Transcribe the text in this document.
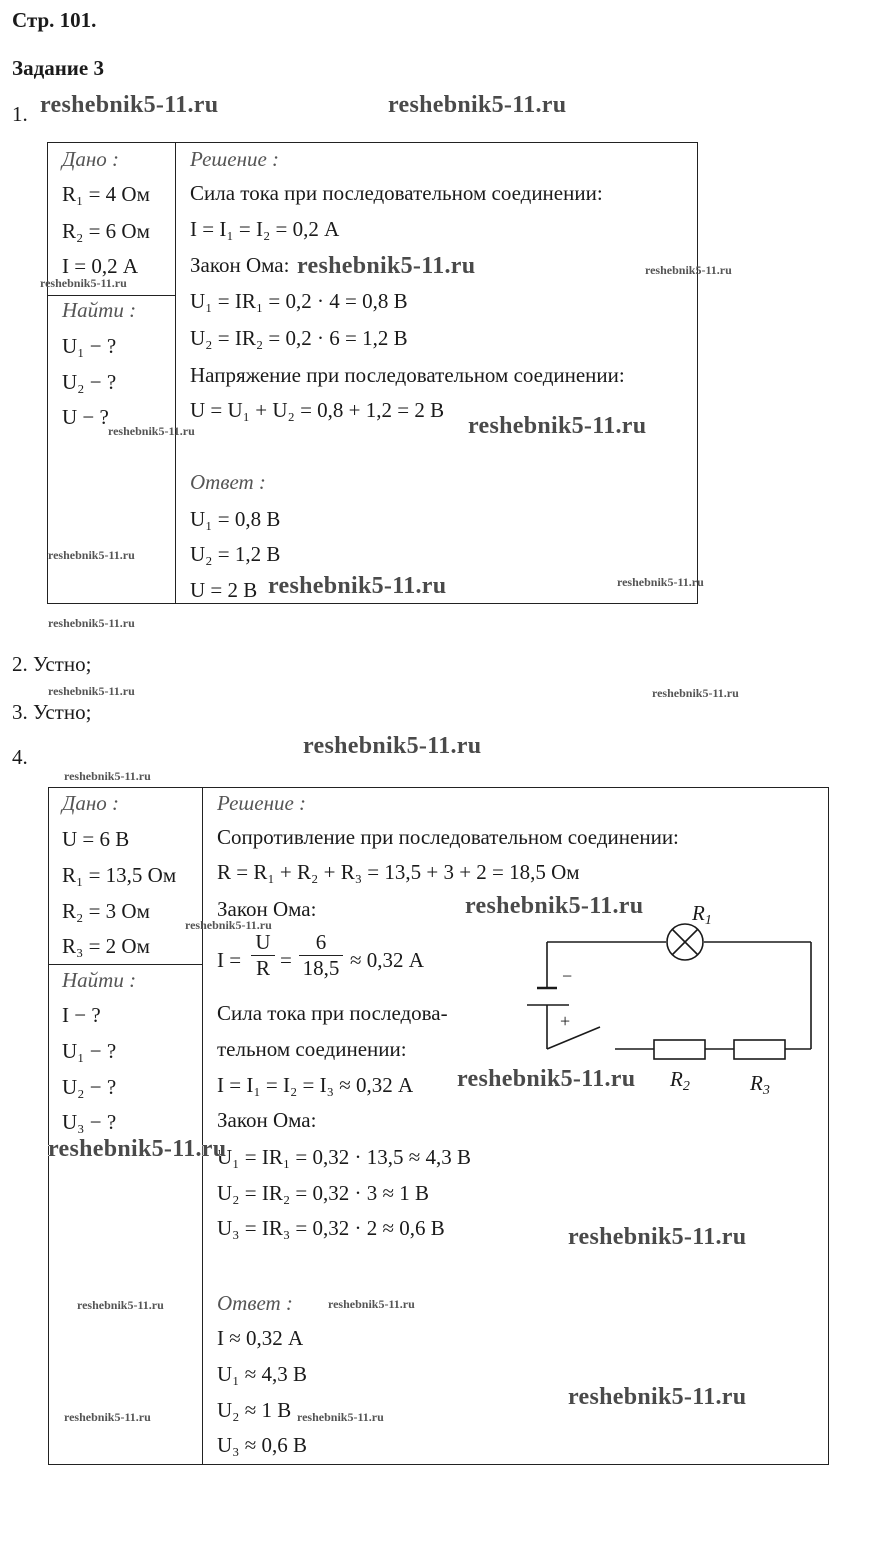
Стр. 101.
Задание 3
1.
Дано :
R₁ = 4 Ом
R₂ = 6 Ом
I = 0,2 А
Найти :
U₁ − ?
U₂ − ?
U − ?
Решение :
Сила тока при последовательном соединении:
I = I₁ = I₂ = 0,2 А
Закон Ома:
U₁ = IR₁ = 0,2 · 4 = 0,8 В
U₂ = IR₂ = 0,2 · 6 = 1,2 В
Напряжение при последовательном соединении:
U = U₁ + U₂ = 0,8 + 1,2 = 2 В
Ответ :
U₁ = 0,8 В
U₂ = 1,2 В
U = 2 В
2. Устно;
3. Устно;
4.
Дано :
U = 6 В
R₁ = 13,5 Ом
R₂ = 3 Ом
R₃ = 2 Ом
Найти :
I − ?
U₁ − ?
U₂ − ?
U₃ − ?
Решение :
Сопротивление при последовательном соединении:
R = R₁ + R₂ + R₃ = 13,5 + 3 + 2 = 18,5 Ом
Закон Ома:
I =
U
R =
6
18,5 ≈ 0,32 А
Сила тока при последова-
тельном соединении:
I = I₁ = I₂ = I₃ ≈ 0,32 А
Закон Ома:
U₁ = IR₁ = 0,32 · 13,5 ≈ 4,3 В
U₂ = IR₂ = 0,32 · 3 ≈ 1 В
U₃ = IR₃ = 0,32 · 2 ≈ 0,6 В
Ответ :
I ≈ 0,32 А
U₁ ≈ 4,3 В
U₂ ≈ 1 В
U₃ ≈ 0,6 В
−
+
R1
R2	R3
reshebnik5-11.ru	reshebnik5-11.ru
reshebnik5-11.ru	reshebnik5-11.ru
reshebnik5-11.ru
reshebnik5-11.ru	reshebnik5-11.ru
reshebnik5-11.ru
reshebnik5-11.ru	reshebnik5-11.ru
reshebnik5-11.ru
reshebnik5-11.ru	reshebnik5-11.ru
reshebnik5-11.ru
reshebnik5-11.ru
reshebnik5-11.ru
reshebnik5-11.ru
reshebnik5-11.ru
reshebnik5-11.ru
reshebnik5-11.ru
reshebnik5-11.ru	reshebnik5-11.ru
reshebnik5-11.ru
reshebnik5-11.ru	reshebnik5-11.ru
